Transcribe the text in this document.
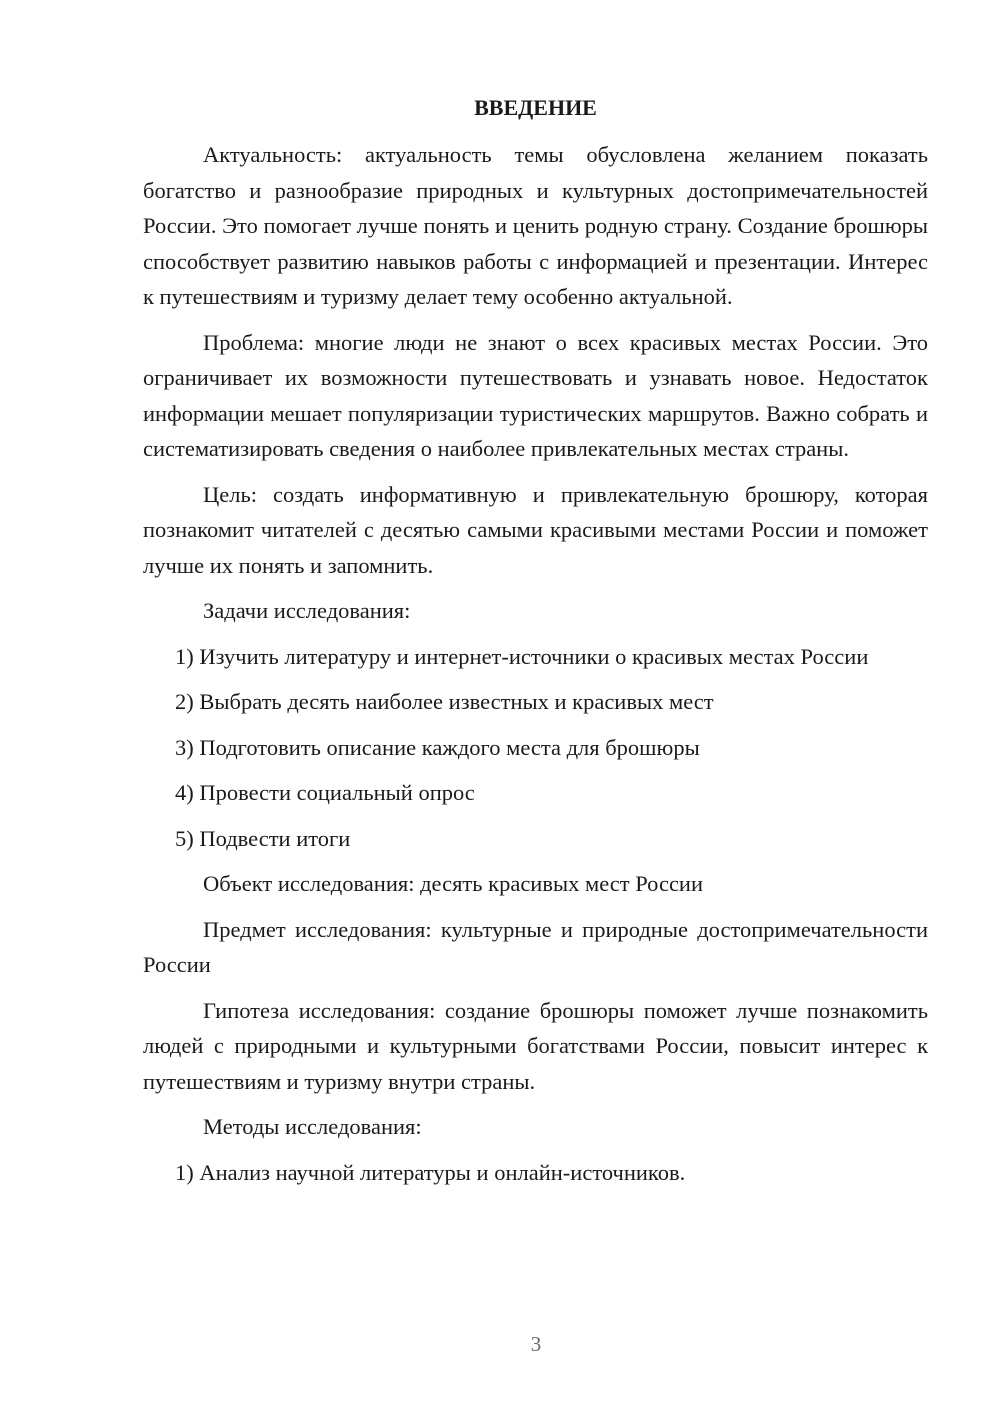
ВВЕДЕНИЕ

Актуальность: актуальность темы обусловлена желанием показать богатство и разнообразие природных и культурных достопримечательностей России. Это помогает лучше понять и ценить родную страну. Создание брошюры способствует развитию навыков работы с информацией и презентации. Интерес к путешествиям и туризму делает тему особенно актуальной.

Проблема: многие люди не знают о всех красивых местах России. Это ограничивает их возможности путешествовать и узнавать новое. Недостаток информации мешает популяризации туристических маршрутов. Важно собрать и систематизировать сведения о наиболее привлекательных местах страны.

Цель: создать информативную и привлекательную брошюру, которая познакомит читателей с десятью самыми красивыми местами России и поможет лучше их понять и запомнить.

Задачи исследования:

1) Изучить литературу и интернет-источники о красивых местах России

2) Выбрать десять наиболее известных и красивых мест

3) Подготовить описание каждого места для брошюры

4) Провести социальный опрос

5) Подвести итоги

Объект исследования: десять красивых мест России

Предмет исследования: культурные и природные достопримечательности России

Гипотеза исследования: создание брошюры поможет лучше познакомить людей с природными и культурными богатствами России, повысит интерес к путешествиям и туризму внутри страны.

Методы исследования:

1) Анализ научной литературы и онлайн-источников.

3
